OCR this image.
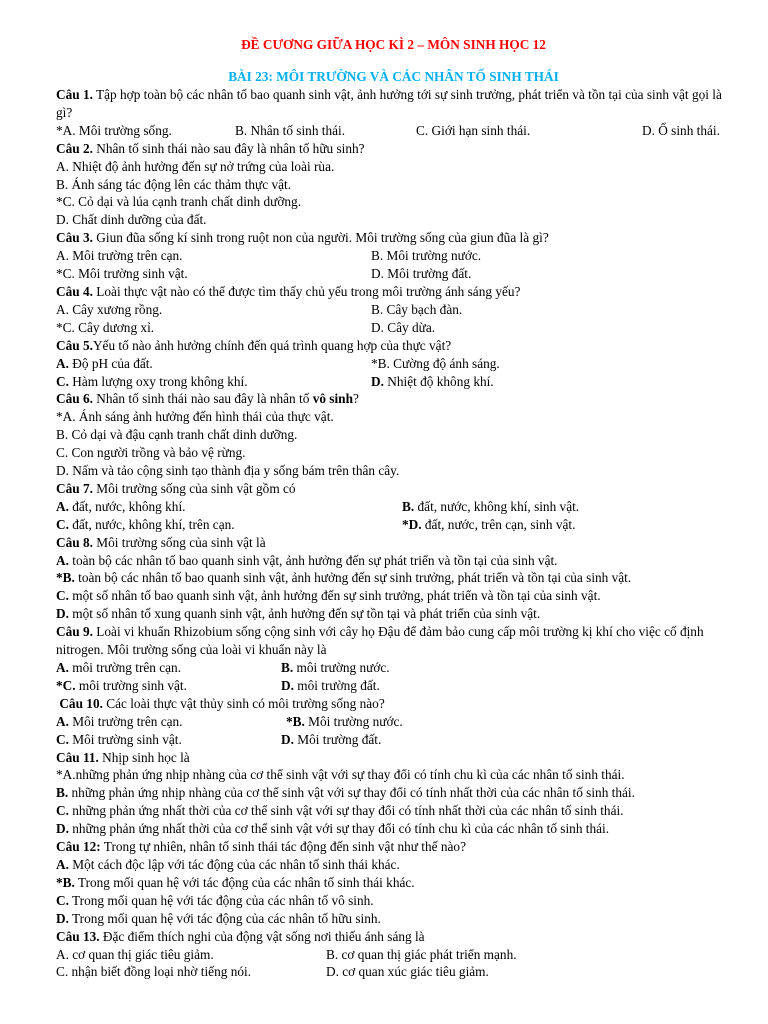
ĐỀ CƯƠNG GIỮA HỌC KÌ 2 – MÔN SINH HỌC 12

BÀI 23: MÔI TRƯỜNG VÀ CÁC NHÂN TỐ SINH THÁI

Câu 1. Tập hợp toàn bộ các nhân tố bao quanh sinh vật, ảnh hưởng tới sự sinh trưởng, phát triển và tồn tại của sinh vật gọi là gì?

*A. Môi trường sống.	B. Nhân tố sinh thái.	C. Giới hạn sinh thái.	D. Ổ sinh thái.

Câu 2. Nhân tố sinh thái nào sau đây là nhân tố hữu sinh?

A. Nhiệt độ ảnh hưởng đến sự nở trứng của loài rùa.

B. Ánh sáng tác động lên các thảm thực vật.

*C. Cỏ dại và lúa cạnh tranh chất dinh dưỡng.

D. Chất dinh dưỡng của đất.

Câu 3. Giun đũa sống kí sinh trong ruột non của người. Môi trường sống của giun đũa là gì?

A. Môi trường trên cạn.	B. Môi trường nước.
*C. Môi trường sinh vật.	D. Môi trường đất.

Câu 4. Loài thực vật nào có thể được tìm thấy chủ yếu trong môi trường ánh sáng yếu?

A. Cây xương rồng.	B. Cây bạch đàn.
*C. Cây dương xỉ.	D. Cây dừa.

Câu 5.Yếu tố nào ảnh hưởng chính đến quá trình quang hợp của thực vật?

A. Độ pH của đất.	*B. Cường độ ánh sáng.
C. Hàm lượng oxy trong không khí.	D. Nhiệt độ không khí.

Câu 6. Nhân tố sinh thái nào sau đây là nhân tố vô sinh?

*A. Ánh sáng ảnh hưởng đến hình thái của thực vật.

B. Cỏ dại và đậu cạnh tranh chất dinh dưỡng.

C. Con người trồng và bảo vệ rừng.

D. Nấm và tảo cộng sinh tạo thành địa y sống bám trên thân cây.

Câu 7. Môi trường sống của sinh vật gồm có

A. đất, nước, không khí.	B. đất, nước, không khí, sinh vật.
C. đất, nước, không khí, trên cạn.	*D. đất, nước, trên cạn, sinh vật.

Câu 8. Môi trường sống của sinh vật là

A. toàn bộ các nhân tố bao quanh sinh vật, ảnh hưởng đến sự phát triển và tồn tại của sinh vật.

*B. toàn bộ các nhân tố bao quanh sinh vật, ảnh hưởng đến sự sinh trưởng, phát triển và tồn tại của sinh vật.

C. một số nhân tố bao quanh sinh vật, ảnh hưởng đến sự sinh trưởng, phát triển và tồn tại của sinh vật.

D. một số nhân tố xung quanh sinh vật, ảnh hưởng đến sự tồn tại và phát triển của sinh vật.

Câu 9. Loài vi khuẩn Rhizobium sống cộng sinh với cây họ Đậu để đảm bảo cung cấp môi trường kị khí cho việc cố định nitrogen. Môi trường sống của loài vi khuẩn này là

A. môi trường trên cạn.	B. môi trường nước.
*C. môi trường sinh vật.	D. môi trường đất.

Câu 10. Các loài thực vật thủy sinh có môi trường sống nào?

A. Môi trường trên cạn.	*B. Môi trường nước.
C. Môi trường sinh vật.	D. Môi trường đất.

Câu 11. Nhịp sinh học là

*A.những phản ứng nhịp nhàng của cơ thể sinh vật với sự thay đổi có tính chu kì của các nhân tố sinh thái.

B. những phản ứng nhịp nhàng của cơ thể sinh vật với sự thay đổi có tính nhất thời của các nhân tố sinh thái.

C. những phản ứng nhất thời của cơ thể sinh vật với sự thay đổi có tính nhất thời của các nhân tố sinh thái.

D. những phản ứng nhất thời của cơ thể sinh vật với sự thay đổi có tính chu kì của các nhân tố sinh thái.

Câu 12: Trong tự nhiên, nhân tố sinh thái tác động đến sinh vật như thế nào?

A. Một cách độc lập với tác động của các nhân tố sinh thái khác.

*B. Trong mối quan hệ với tác động của các nhân tố sinh thái khác.

C. Trong mối quan hệ với tác động của các nhân tố vô sinh.

D. Trong mối quan hệ với tác động của các nhân tố hữu sinh.

Câu 13. Đặc điểm thích nghi của động vật sống nơi thiếu ánh sáng là

A. cơ quan thị giác tiêu giảm.	B. cơ quan thị giác phát triển mạnh.
C. nhận biết đồng loại nhờ tiếng nói.	D. cơ quan xúc giác tiêu giảm.
